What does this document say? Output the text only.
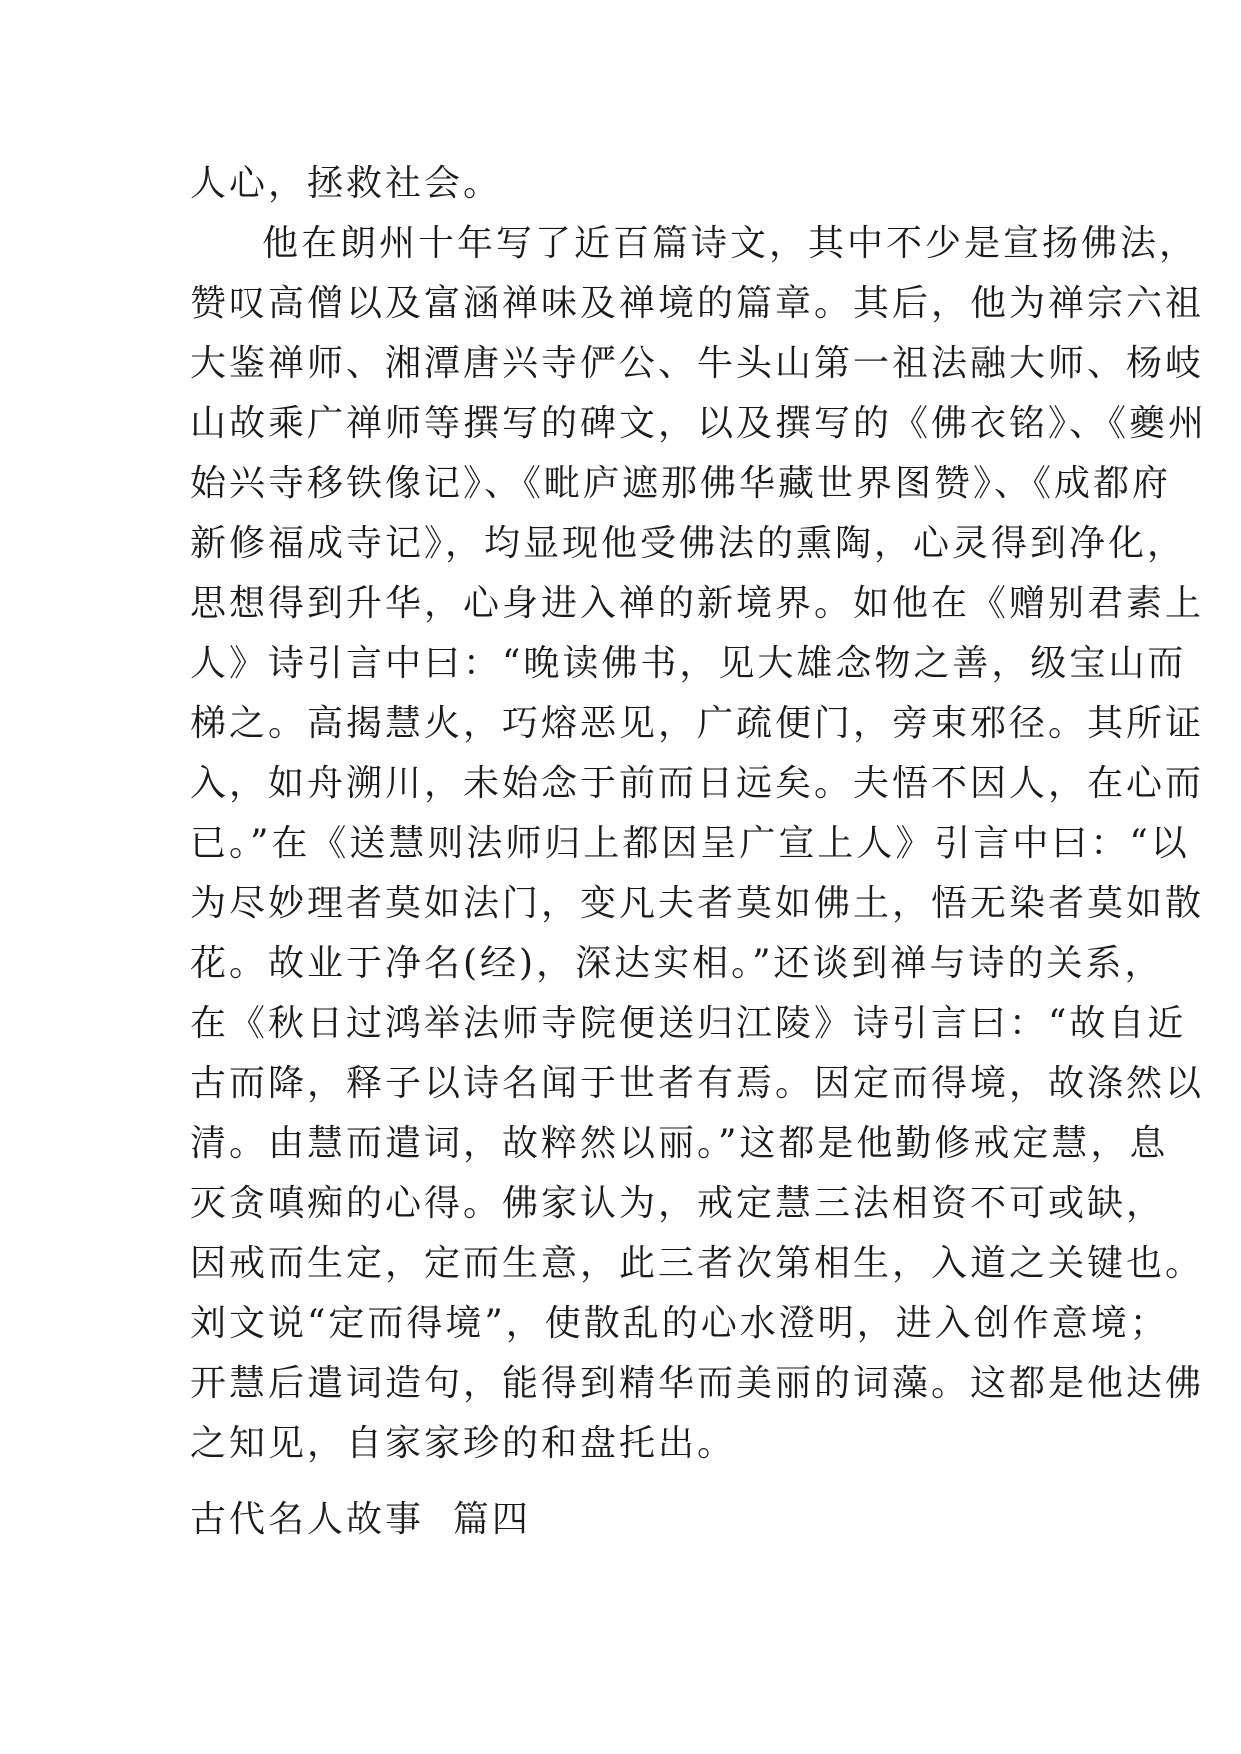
人心，拯救社会。
他在朗州十年写了近百篇诗文，其中不少是宣扬佛法，
赞叹高僧以及富涵禅味及禅境的篇章。其后，他为禅宗六祖
大鉴禅师、湘潭唐兴寺俨公、牛头山第一祖法融大师、杨岐
山故乘广禅师等撰写的碑文，以及撰写的《佛衣铭》、《夔州
始兴寺移铁像记》、《毗庐遮那佛华藏世界图赞》、《成都府
新修福成寺记》，均显现他受佛法的熏陶，心灵得到净化，
思想得到升华，心身进入禅的新境界。如他在《赠别君素上
人》诗引言中曰：“晚读佛书，见大雄念物之善，级宝山而
梯之。高揭慧火，巧熔恶见，广疏便门，旁束邪径。其所证
入，如舟溯川，未始念于前而日远矣。夫悟不因人，在心而
已。”在《送慧则法师归上都因呈广宣上人》引言中曰：“以
为尽妙理者莫如法门，变凡夫者莫如佛土，悟无染者莫如散
花。故业于净名(经)，深达实相。”还谈到禅与诗的关系，
在《秋日过鸿举法师寺院便送归江陵》诗引言曰：“故自近
古而降，释子以诗名闻于世者有焉。因定而得境，故涤然以
清。由慧而遣词，故粹然以丽。”这都是他勤修戒定慧，息
灭贪嗔痴的心得。佛家认为，戒定慧三法相资不可或缺，
因戒而生定，定而生意，此三者次第相生，入道之关键也。
刘文说“定而得境”，使散乱的心水澄明，进入创作意境；
开慧后遣词造句，能得到精华而美丽的词藻。这都是他达佛
之知见，自家家珍的和盘托出。
古代名人故事  篇四
